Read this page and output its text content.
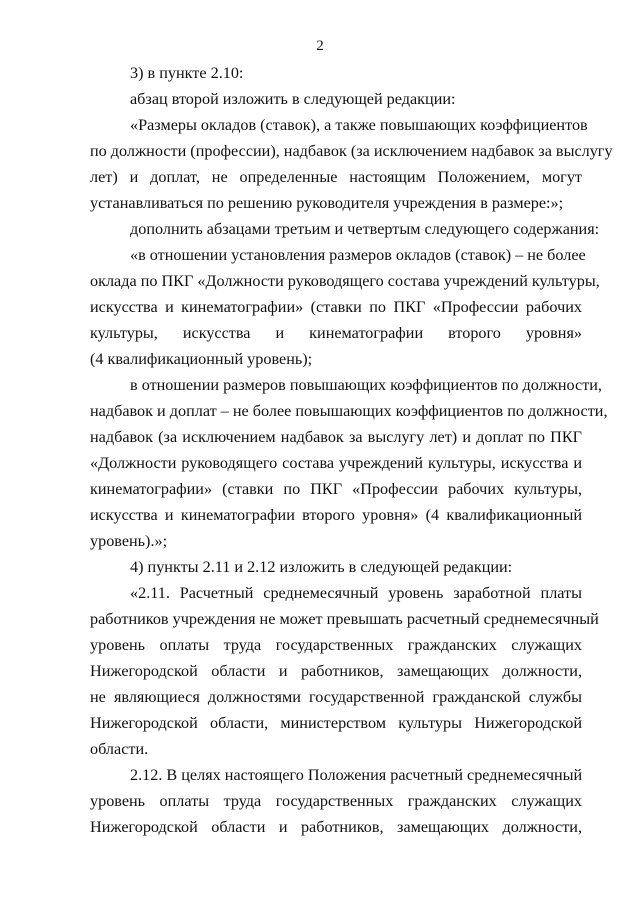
2
3) в пункте 2.10:
абзац второй изложить в следующей редакции:
«Размеры окладов (ставок), а также повышающих коэффициентов
по должности (профессии), надбавок (за исключением надбавок за выслугу
лет) и доплат, не определенные настоящим Положением, могут
устанавливаться по решению руководителя учреждения в размере:»;
дополнить абзацами третьим и четвертым следующего содержания:
«в отношении установления размеров окладов (ставок) – не более
оклада по ПКГ «Должности руководящего состава учреждений культуры,
искусства и кинематографии» (ставки по ПКГ «Профессии рабочих
культуры, искусства и кинематографии второго уровня»
(4 квалификационный уровень);
в отношении размеров повышающих коэффициентов по должности,
надбавок и доплат – не более повышающих коэффициентов по должности,
надбавок (за исключением надбавок за выслугу лет) и доплат по ПКГ
«Должности руководящего состава учреждений культуры, искусства и
кинематографии» (ставки по ПКГ «Профессии рабочих культуры,
искусства и кинематографии второго уровня» (4 квалификационный
уровень).»;
4) пункты 2.11 и 2.12 изложить в следующей редакции:
«2.11. Расчетный среднемесячный уровень заработной платы
работников учреждения не может превышать расчетный среднемесячный
уровень оплаты труда государственных гражданских служащих
Нижегородской области и работников, замещающих должности,
не являющиеся должностями государственной гражданской службы
Нижегородской области, министерством культуры Нижегородской
области.
2.12. В целях настоящего Положения расчетный среднемесячный
уровень оплаты труда государственных гражданских служащих
Нижегородской области и работников, замещающих должности,
